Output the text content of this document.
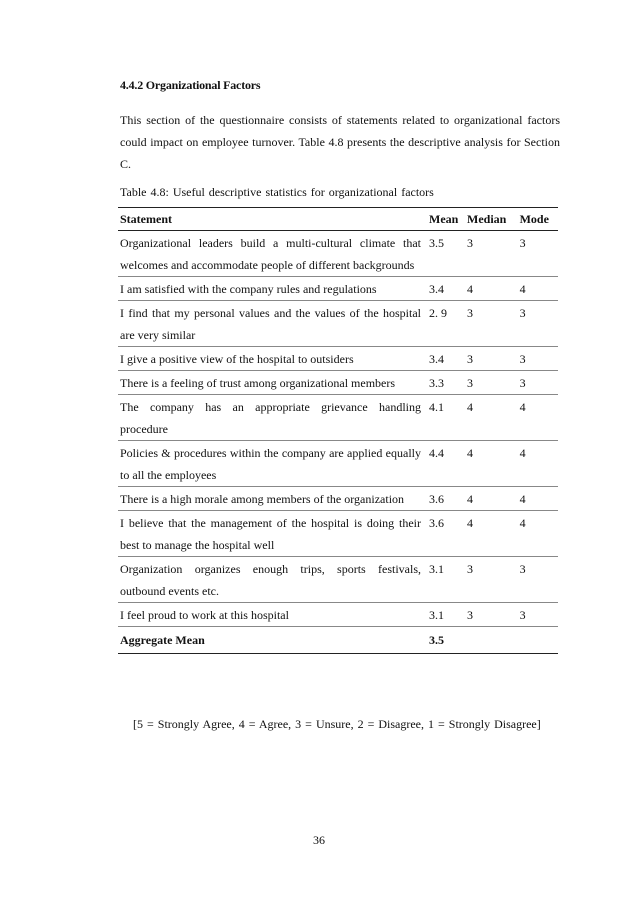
4.4.2 Organizational Factors

This section of the questionnaire consists of statements related to organizational factors could impact on employee turnover. Table 4.8 presents the descriptive analysis for Section C.

Table 4.8: Useful descriptive statistics for organizational factors
Statement	Mean	Median	Mode
Organizational leaders build a multi-cultural climate that welcomes and accommodate people of different backgrounds	3.5	3	3
I am satisfied with the company rules and regulations	3.4	4	4
I find that my personal values and the values of the hospital are very similar	2. 9	3	3
I give a positive view of the hospital to outsiders	3.4	3	3
There is a feeling of trust among organizational members	3.3	3	3
The company has an appropriate grievance handling procedure	4.1	4	4
Policies & procedures within the company are applied equally to all the employees	4.4	4	4
There is a high morale among members of the organization	3.6	4	4
I believe that the management of the hospital is doing their best to manage the hospital well	3.6	4	4
Organization organizes enough trips, sports festivals, outbound events etc.	3.1	3	3
I feel proud to work at this hospital	3.1	3	3
Aggregate Mean	3.5		
[5 = Strongly Agree, 4 = Agree, 3 = Unsure, 2 = Disagree, 1 = Strongly Disagree]
36
